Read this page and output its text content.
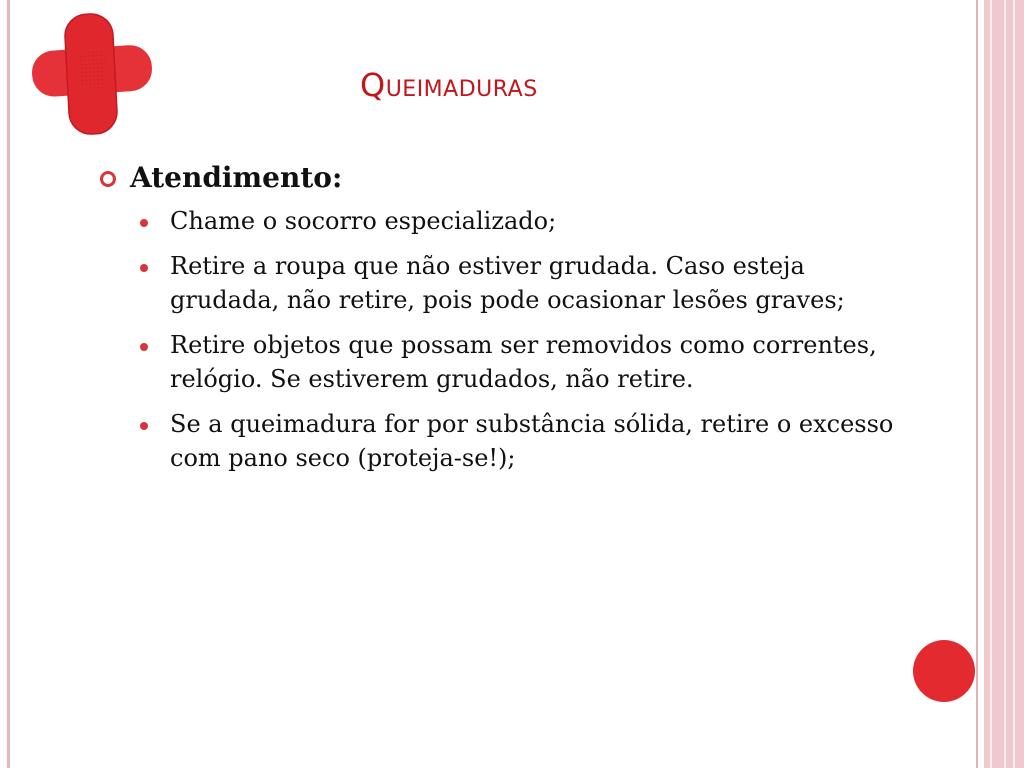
Queimaduras
Atendimento:
Chame o socorro especializado;
Retire a roupa que não estiver grudada. Caso esteja grudada, não retire, pois pode ocasionar lesões graves;
Retire objetos que possam ser removidos como correntes, relógio. Se estiverem grudados, não retire.
Se a queimadura for por substância sólida, retire o excesso com pano seco (proteja-se!);
